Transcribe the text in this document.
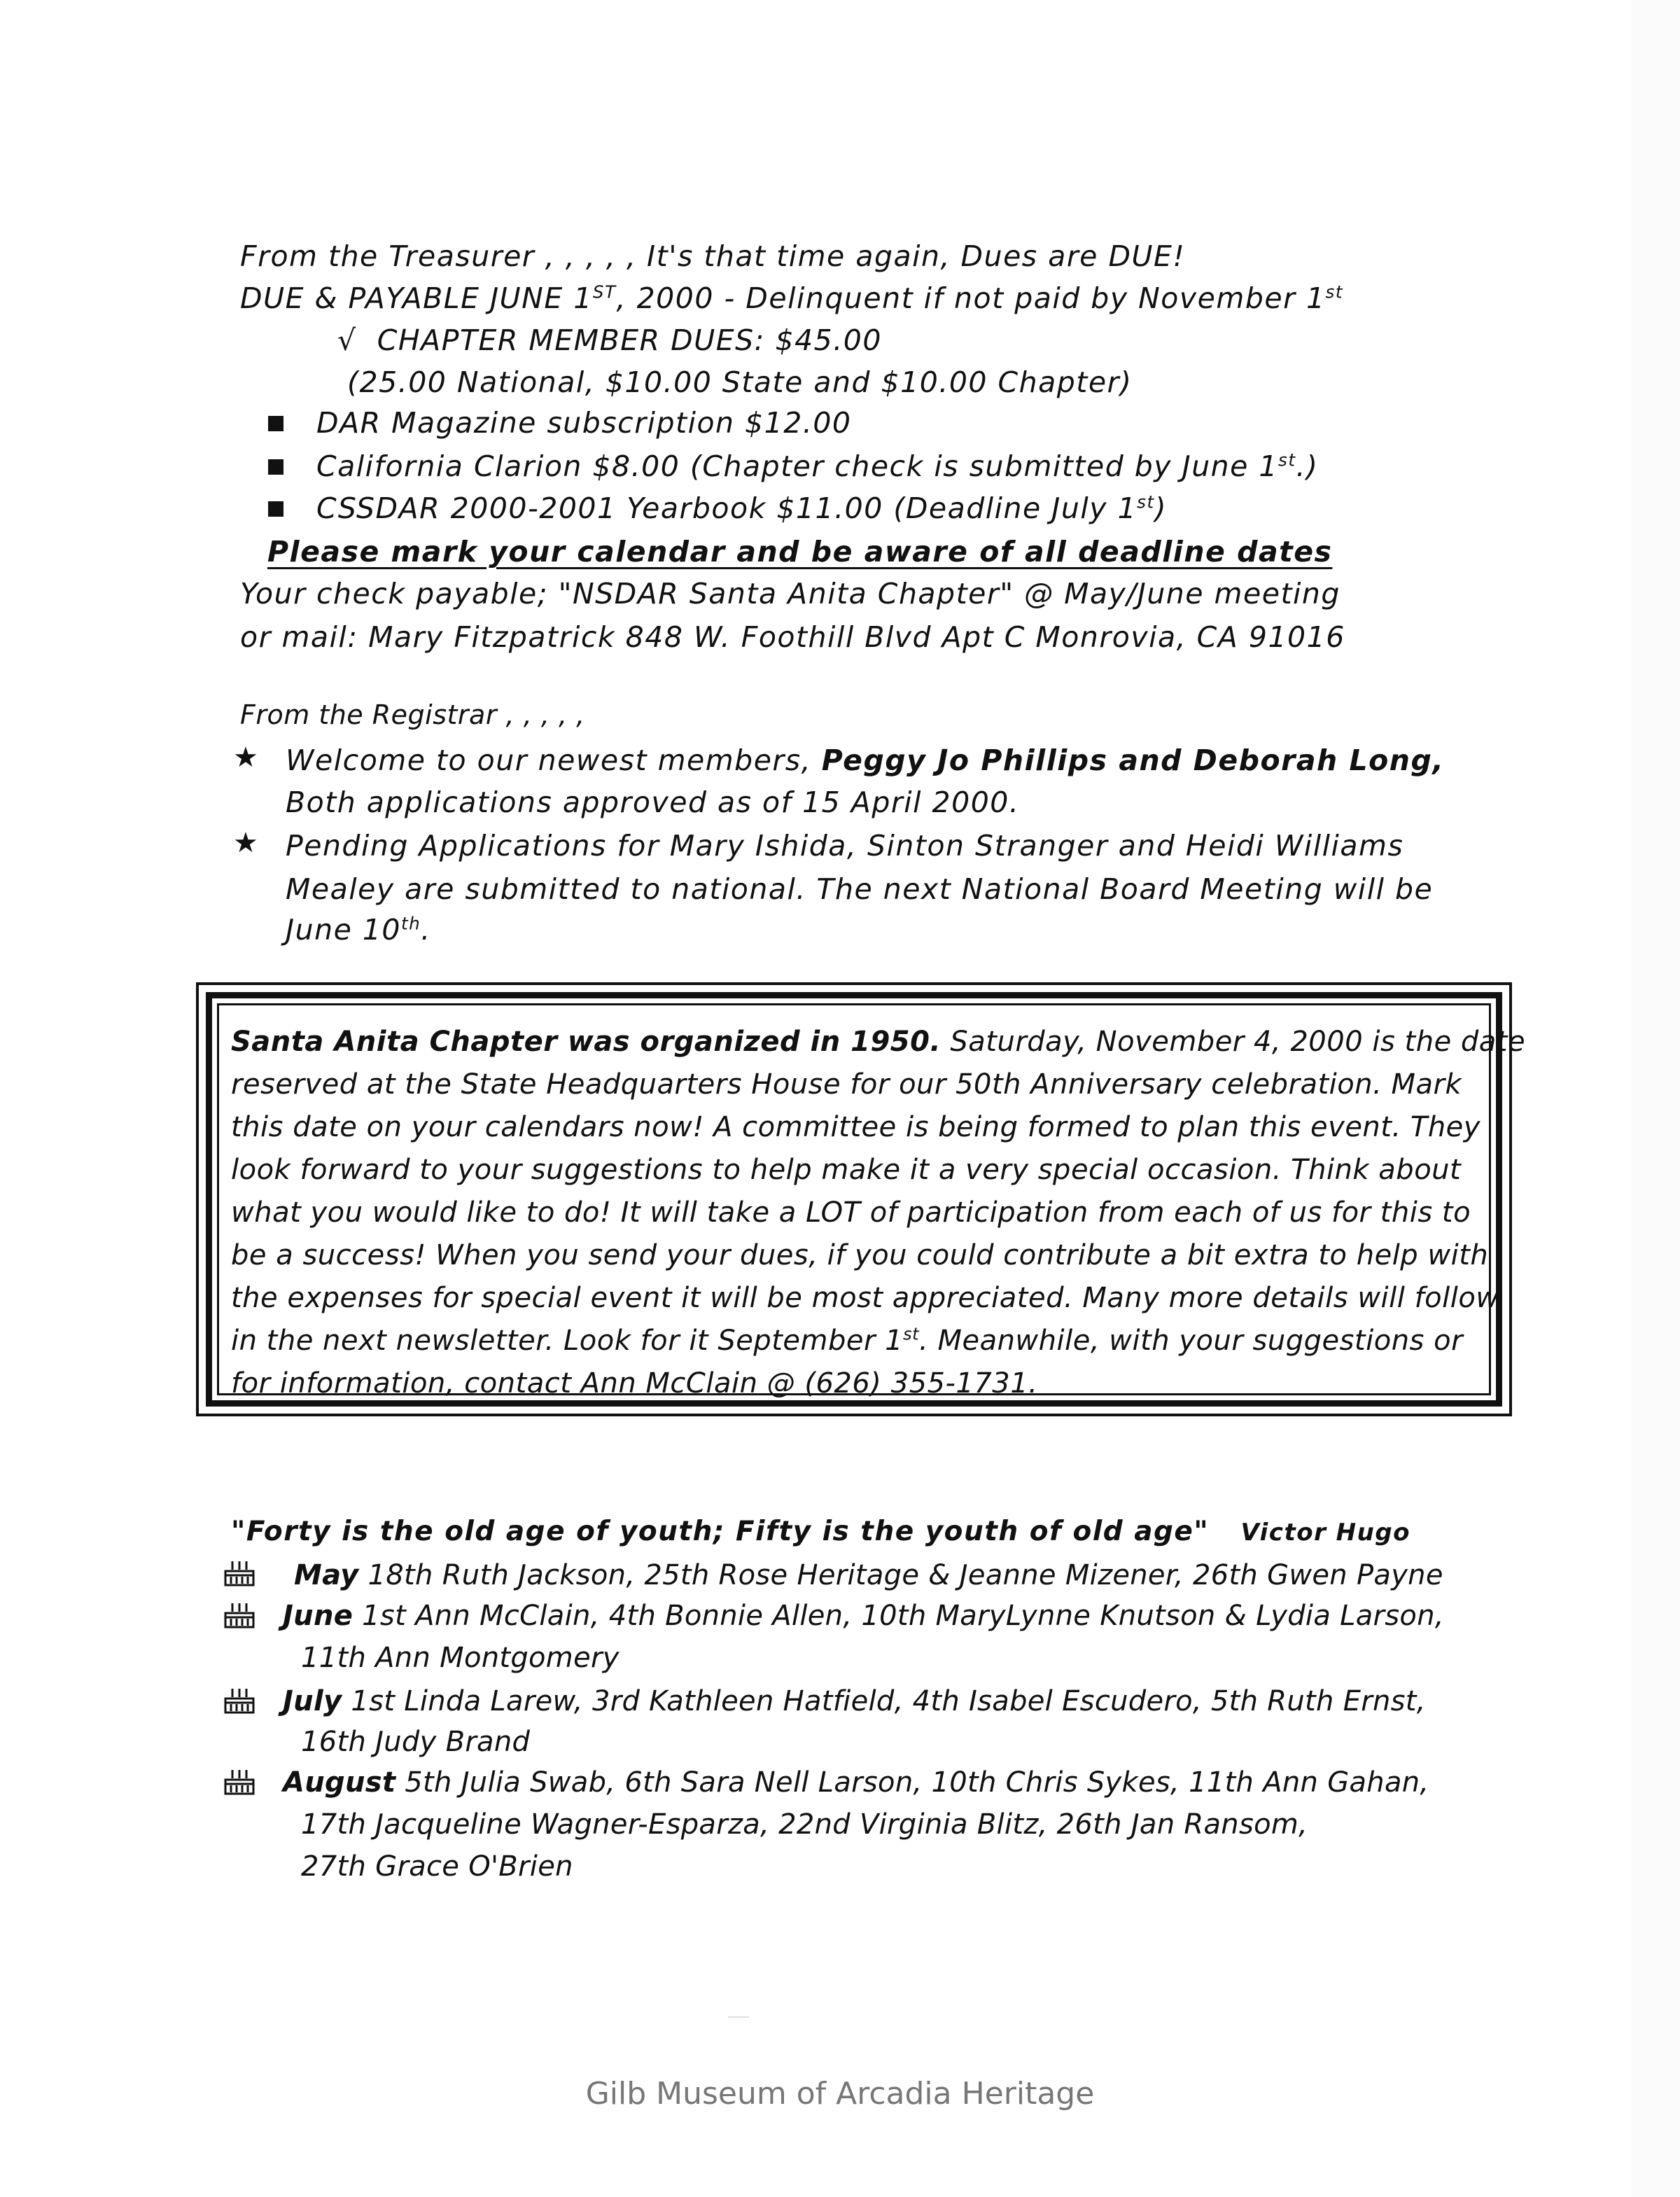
From the Treasurer , , , , , It's that time again, Dues are DUE!
DUE & PAYABLE JUNE 1ST, 2000 - Delinquent if not paid by November 1st
√ CHAPTER MEMBER DUES: $45.00
(25.00 National, $10.00 State and $10.00 Chapter)
DAR Magazine subscription $12.00
California Clarion $8.00 (Chapter check is submitted by June 1st.)
CSSDAR 2000-2001 Yearbook $11.00 (Deadline July 1st)
Please mark your calendar and be aware of all deadline dates
Your check payable; "NSDAR Santa Anita Chapter" @ May/June meeting
or mail: Mary Fitzpatrick 848 W. Foothill Blvd Apt C Monrovia, CA 91016
From the Registrar , , , , ,
★ Welcome to our newest members, Peggy Jo Phillips and Deborah Long,
Both applications approved as of 15 April 2000.
★ Pending Applications for Mary Ishida, Sinton Stranger and Heidi Williams
Mealey are submitted to national. The next National Board Meeting will be
June 10th.
Santa Anita Chapter was organized in 1950. Saturday, November 4, 2000 is the date
reserved at the State Headquarters House for our 50th Anniversary celebration. Mark
this date on your calendars now! A committee is being formed to plan this event. They
look forward to your suggestions to help make it a very special occasion. Think about
what you would like to do! It will take a LOT of participation from each of us for this to
be a success! When you send your dues, if you could contribute a bit extra to help with
the expenses for special event it will be most appreciated. Many more details will follow
in the next newsletter. Look for it September 1st. Meanwhile, with your suggestions or
for information, contact Ann McClain @ (626) 355-1731.
"Forty is the old age of youth; Fifty is the youth of old age" Victor Hugo
May 18th Ruth Jackson, 25th Rose Heritage & Jeanne Mizener, 26th Gwen Payne
June 1st Ann McClain, 4th Bonnie Allen, 10th MaryLynne Knutson & Lydia Larson,
11th Ann Montgomery
July 1st Linda Larew, 3rd Kathleen Hatfield, 4th Isabel Escudero, 5th Ruth Ernst,
16th Judy Brand
August 5th Julia Swab, 6th Sara Nell Larson, 10th Chris Sykes, 11th Ann Gahan,
17th Jacqueline Wagner-Esparza, 22nd Virginia Blitz, 26th Jan Ransom,
27th Grace O'Brien
Gilb Museum of Arcadia Heritage
